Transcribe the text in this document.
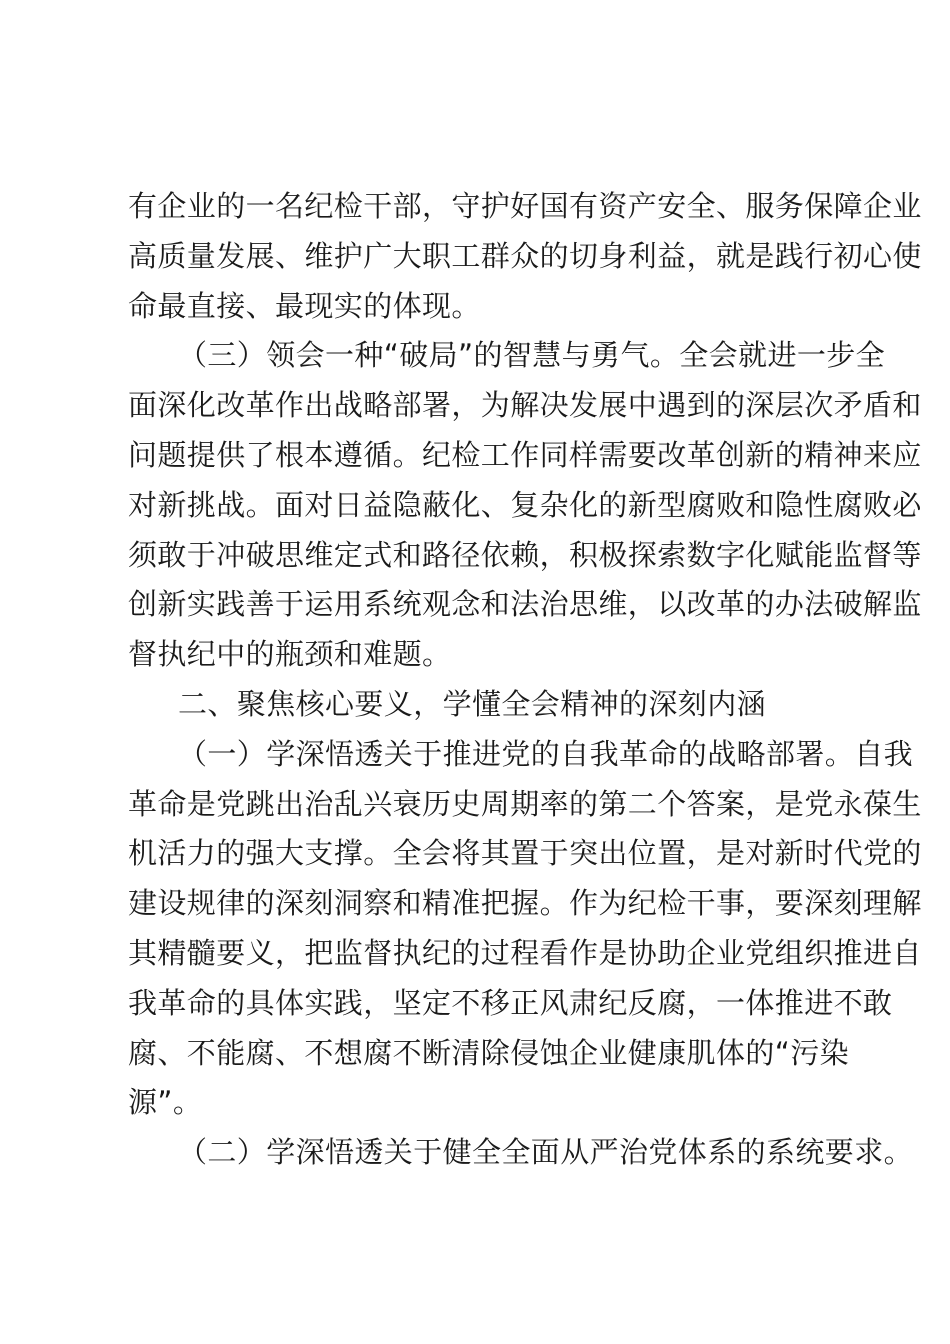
有企业的一名纪检干部，守护好国有资产安全、服务保障企业
高质量发展、维护广大职工群众的切身利益，就是践行初心使
命最直接、最现实的体现。
（三）领会一种“破局”的智慧与勇气。全会就进一步全
面深化改革作出战略部署，为解决发展中遇到的深层次矛盾和
问题提供了根本遵循。纪检工作同样需要改革创新的精神来应
对新挑战。面对日益隐蔽化、复杂化的新型腐败和隐性腐败必
须敢于冲破思维定式和路径依赖，积极探索数字化赋能监督等
创新实践善于运用系统观念和法治思维，以改革的办法破解监
督执纪中的瓶颈和难题。
二、聚焦核心要义，学懂全会精神的深刻内涵
（一）学深悟透关于推进党的自我革命的战略部署。自我
革命是党跳出治乱兴衰历史周期率的第二个答案，是党永葆生
机活力的强大支撑。全会将其置于突出位置，是对新时代党的
建设规律的深刻洞察和精准把握。作为纪检干事，要深刻理解
其精髓要义，把监督执纪的过程看作是协助企业党组织推进自
我革命的具体实践，坚定不移正风肃纪反腐，一体推进不敢
腐、不能腐、不想腐不断清除侵蚀企业健康肌体的“污染
源”。
（二）学深悟透关于健全全面从严治党体系的系统要求。
